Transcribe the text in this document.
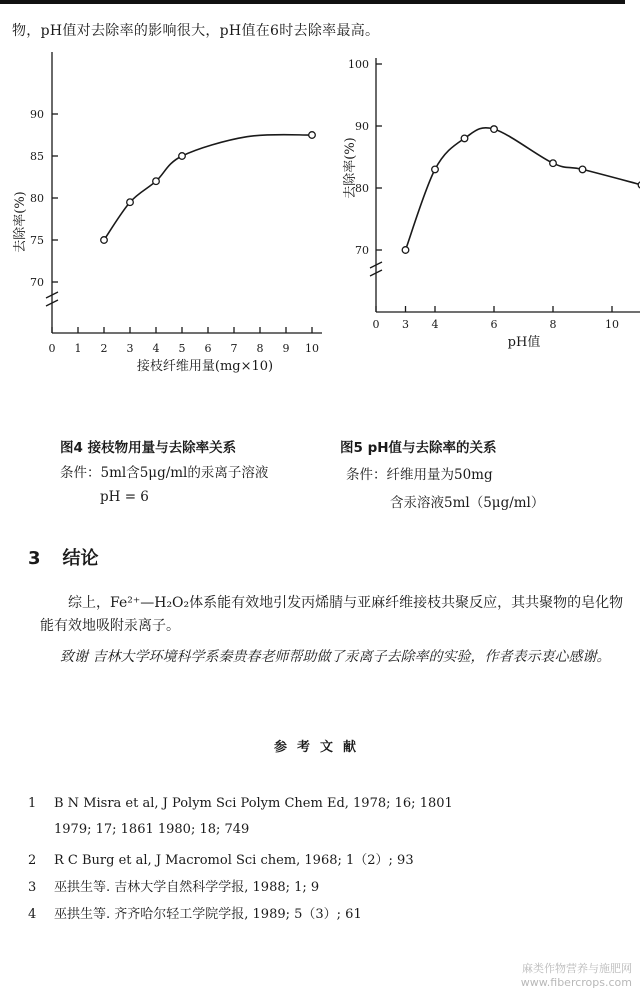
物，pH值对去除率的影响很大，pH值在6时去除率最高。
0 1 2 3 4 5 6 7 8 9 10
70
75
80
85
90
去除率(%)
接枝纤维用量(mg×10)
0 3 4	6	8	10
70
80
90
100
去除率(%)
pH值
图4 接枝物用量与去除率关系
条件：5ml含5μg/ml的汞离子溶液
pH = 6
图5 pH值与去除率的关系
条件：纤维用量为50mg
含汞溶液5ml（5μg/ml）
3 结论
综上，Fe²⁺—H₂O₂体系能有效地引发丙烯腈与亚麻纤维接枝共聚反应，其共聚物的皂化物能有效地吸附汞离子。
致谢 吉林大学环境科学系秦贵春老师帮助做了汞离子去除率的实验，作者表示衷心感谢。
参考文献
1 B N Misra et al, J Polym Sci Polym Chem Ed, 1978; 16; 1801
1979; 17; 1861 1980; 18; 749
2 R C Burg et al, J Macromol Sci chem, 1968; 1（2）; 93
3 巫拱生等. 吉林大学自然科学学报, 1988; 1; 9
4 巫拱生等. 齐齐哈尔轻工学院学报, 1989; 5（3）; 61
麻类作物营养与施肥网
www.fibercrops.com
